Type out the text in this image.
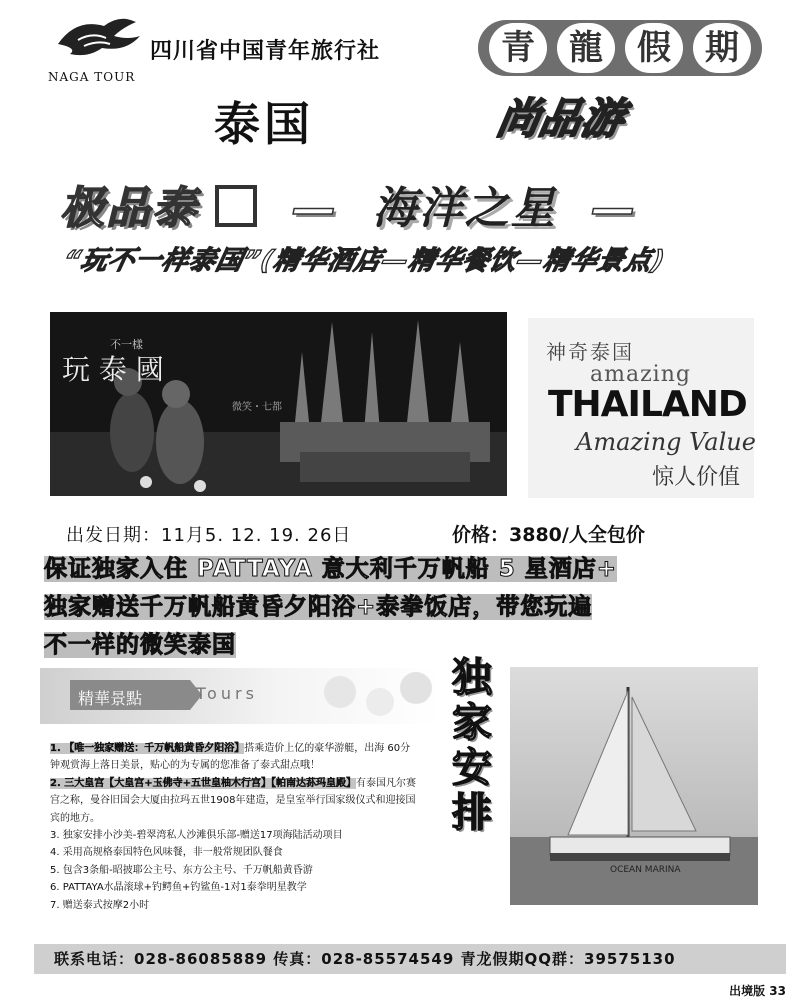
NAGA TOUR
四川省中国青年旅行社	青	龍	假	期
泰国	尚品游
极品泰   —  海洋之星  —
“玩不一样泰国”(精华酒店—精华餐饮—精华景点)
不一樣
玩 泰 國
微笑・七都
神奇泰国
amazing
THAILAND
Amazing Value
惊人价值
出发日期：11月5. 12. 19. 26日	价格：3880/人全包价
保证独家入住 PATTAYA 意大利千万帆船 5 星酒店+
独家赠送千万帆船黄昏夕阳浴+泰拳饭店，带您玩遍
不一样的微笑泰国
精華景點	Tours	独家安排
1. 【唯一独家赠送：千万帆船黄昏夕阳浴】搭乘造价上亿的豪华游艇，出海 60分钟观赏海上落日美景，贴心的为专属的您准备了泰式甜点哦！
2. 三大皇宫【大皇宫+玉佛寺+五世皇柚木行宫】【帕南达荪玛皇殿】有泰国凡尔赛宫之称，曼谷旧国会大厦由拉玛五世1908年建造，是皇室举行国家级仪式和迎接国宾的地方。
3. 独家安排小沙美-碧翠湾私人沙滩俱乐部-赠送17项海陆活动项目
4. 采用高规格泰国特色风味餐，非一般常规团队餐食
5. 包含3条船-昭披耶公主号、东方公主号、千万帆船黄昏游
6. PATTAYA水晶滚球+钓鳄鱼+钓鲨鱼-1对1泰拳明星教学
7. 赠送泰式按摩2小时
OCEAN MARINA
联系电话：028-86085889 传真：028-85574549 青龙假期QQ群：39575130
出境版 33
